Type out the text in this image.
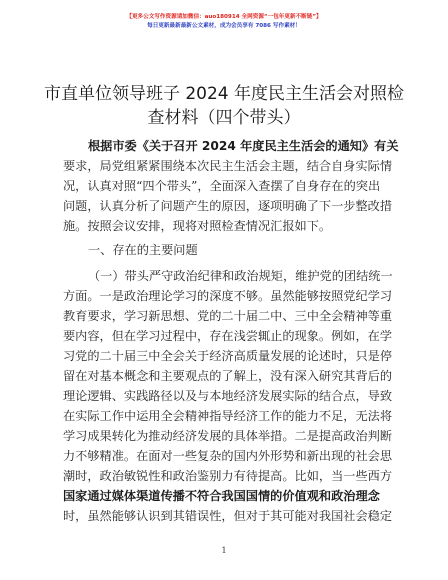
【更多公文写作资源请加微信：auo180914 全网资源“一包年更新不断链”】
每日更新最新最新公文素材，成为会员享有 7086 写作素材！
市直单位领导班子 2024 年度民主生活会对照检
查材料（四个带头）
根据市委《关于召开 2024 年度民主生活会的通知》有关
要求，局党组紧紧围绕本次民主生活会主题，结合自身实际情
况，认真对照“四个带头”，全面深入查摆了自身存在的突出
问题，认真分析了问题产生的原因，逐项明确了下一步整改措
施。按照会议安排，现将对照检查情况汇报如下。
一、存在的主要问题
（一）带头严守政治纪律和政治规矩，维护党的团结统一
方面。一是政治理论学习的深度不够。虽然能够按照党纪学习
教育要求，学习新思想、党的二十届二中、三中全会精神等重
要内容，但在学习过程中，存在浅尝辄止的现象。例如，在学
习党的二十届三中全会关于经济高质量发展的论述时，只是停
留在对基本概念和主要观点的了解上，没有深入研究其背后的
理论逻辑、实践路径以及与本地经济发展实际的结合点，导致
在实际工作中运用全会精神指导经济工作的能力不足，无法将
学习成果转化为推动经济发展的具体举措。二是提高政治判断
力不够精准。在面对一些复杂的国内外形势和新出现的社会思
潮时，政治敏锐性和政治鉴别力有待提高。比如，当一些西方
国家通过媒体渠道传播不符合我国国情的价值观和政治理念
时，虽然能够认识到其错误性，但对于其可能对我国社会稳定
1
